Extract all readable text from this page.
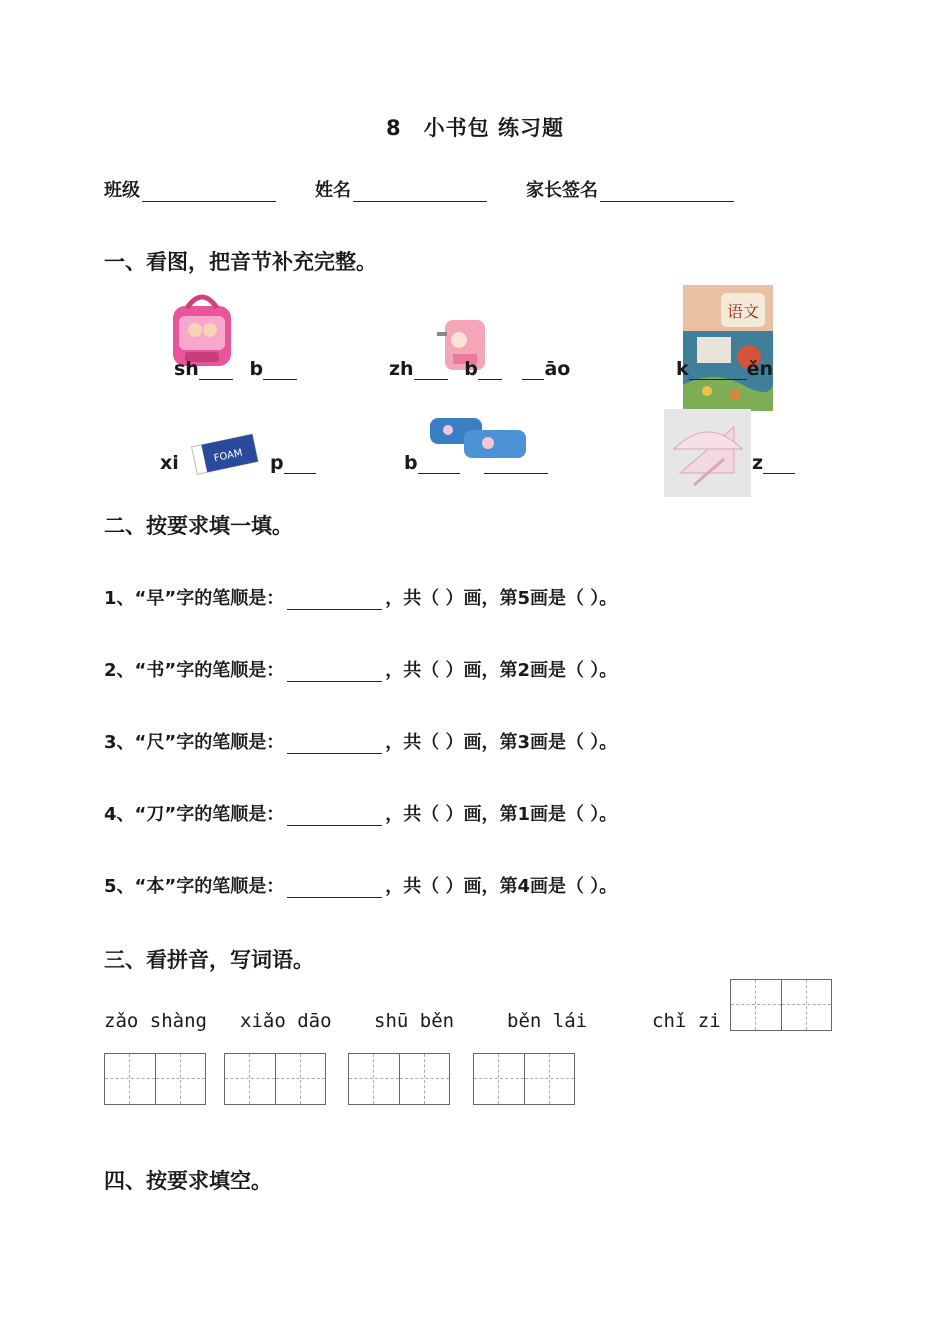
8　小书包 练习题
班级	姓名	家长签名
一、看图，把音节补充完整。
语文
FOAM
sh	b	zh	b	āo	k	ěn
xi	p	b	z
二、按要求填一填。
1、“早”字的笔顺是：	，共（ ）画，第5画是（ ）。
2、“书”字的笔顺是：	，共（ ）画，第2画是（ ）。
3、“尺”字的笔顺是：	，共（ ）画，第3画是（ ）。
4、“刀”字的笔顺是：	，共（ ）画，第1画是（ ）。
5、“本”字的笔顺是：	，共（ ）画，第4画是（ ）。
三、看拼音，写词语。
zǎo shàng xiǎo dāo shū běn	běn lái	chǐ zi
四、按要求填空。
